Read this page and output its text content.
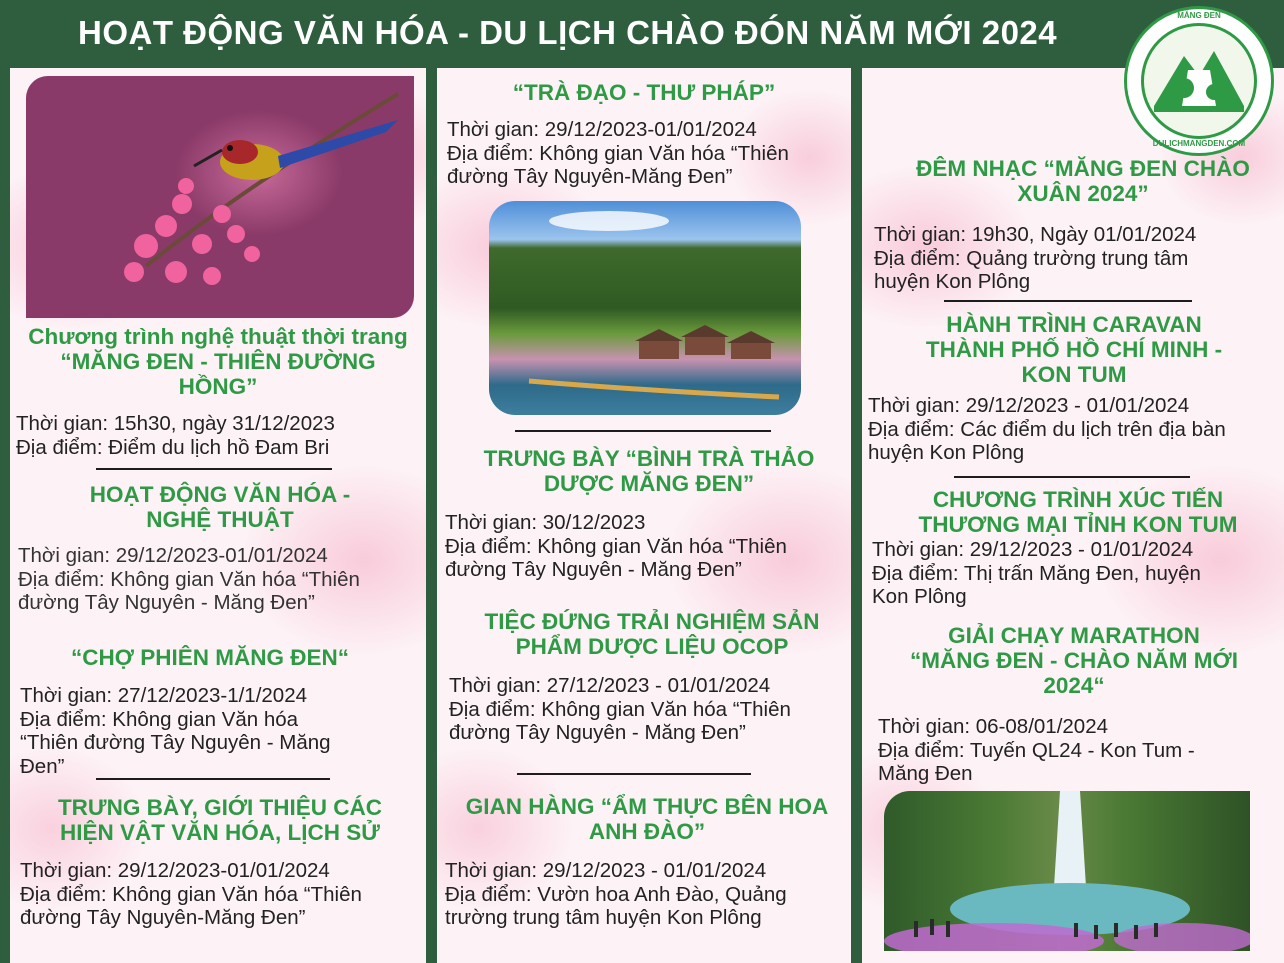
HOẠT ĐỘNG VĂN HÓA - DU LỊCH CHÀO ĐÓN NĂM MỚI 2024
Chương trình nghệ thuật thời trang
“MĂNG ĐEN - THIÊN ĐƯỜNG
HỒNG”
Thời gian: 15h30, ngày 31/12/2023
Địa điểm: Điểm du lịch hồ Đam Bri
HOẠT ĐỘNG VĂN HÓA -
NGHỆ THUẬT
Thời gian: 29/12/2023-01/01/2024
Địa điểm: Không gian Văn hóa “Thiên
đường Tây Nguyên - Măng Đen”
“CHỢ PHIÊN MĂNG ĐEN“
Thời gian: 27/12/2023-1/1/2024
Địa điểm: Không gian Văn hóa
“Thiên đường Tây Nguyên - Măng
Đen”
TRƯNG BÀY, GIỚI THIỆU CÁC
HIỆN VẬT VĂN HÓA, LỊCH SỬ
Thời gian: 29/12/2023-01/01/2024
Địa điểm: Không gian Văn hóa “Thiên
đường Tây Nguyên-Măng Đen”
“TRÀ ĐẠO - THƯ PHÁP”
Thời gian: 29/12/2023-01/01/2024
Địa điểm: Không gian Văn hóa “Thiên
đường Tây Nguyên-Măng Đen”
TRƯNG BÀY “BÌNH TRÀ THẢO
DƯỢC MĂNG ĐEN”
Thời gian: 30/12/2023
Địa điểm: Không gian Văn hóa “Thiên
đường Tây Nguyên - Măng Đen”
TIỆC ĐỨNG TRẢI NGHIỆM SẢN
PHẨM DƯỢC LIỆU OCOP
Thời gian: 27/12/2023 - 01/01/2024
Địa điểm: Không gian Văn hóa “Thiên
đường Tây Nguyên - Măng Đen”
GIAN HÀNG “ẨM THỰC BÊN HOA
ANH ĐÀO”
Thời gian: 29/12/2023 - 01/01/2024
Địa điểm: Vườn hoa Anh Đào, Quảng
trường trung tâm huyện Kon Plông
ĐÊM NHẠC “MĂNG ĐEN CHÀO
XUÂN 2024”
Thời gian: 19h30, Ngày 01/01/2024
Địa điểm: Quảng trường trung tâm
huyện Kon Plông
HÀNH TRÌNH CARAVAN
THÀNH PHỐ HỒ CHÍ MINH -
KON TUM
Thời gian: 29/12/2023 - 01/01/2024
Địa điểm: Các điểm du lịch trên địa bàn
huyện Kon Plông
CHƯƠNG TRÌNH XÚC TIẾN
THƯƠNG MẠI TỈNH KON TUM
Thời gian: 29/12/2023 - 01/01/2024
Địa điểm: Thị trấn Măng Đen, huyện
Kon Plông
GIẢI CHẠY MARATHON
“MĂNG ĐEN - CHÀO NĂM MỚI
2024“
Thời gian: 06-08/01/2024
Địa điểm: Tuyến QL24 - Kon Tum -
Măng Đen
MĂNG ĐEN
DULICHMANGDEN.COM
